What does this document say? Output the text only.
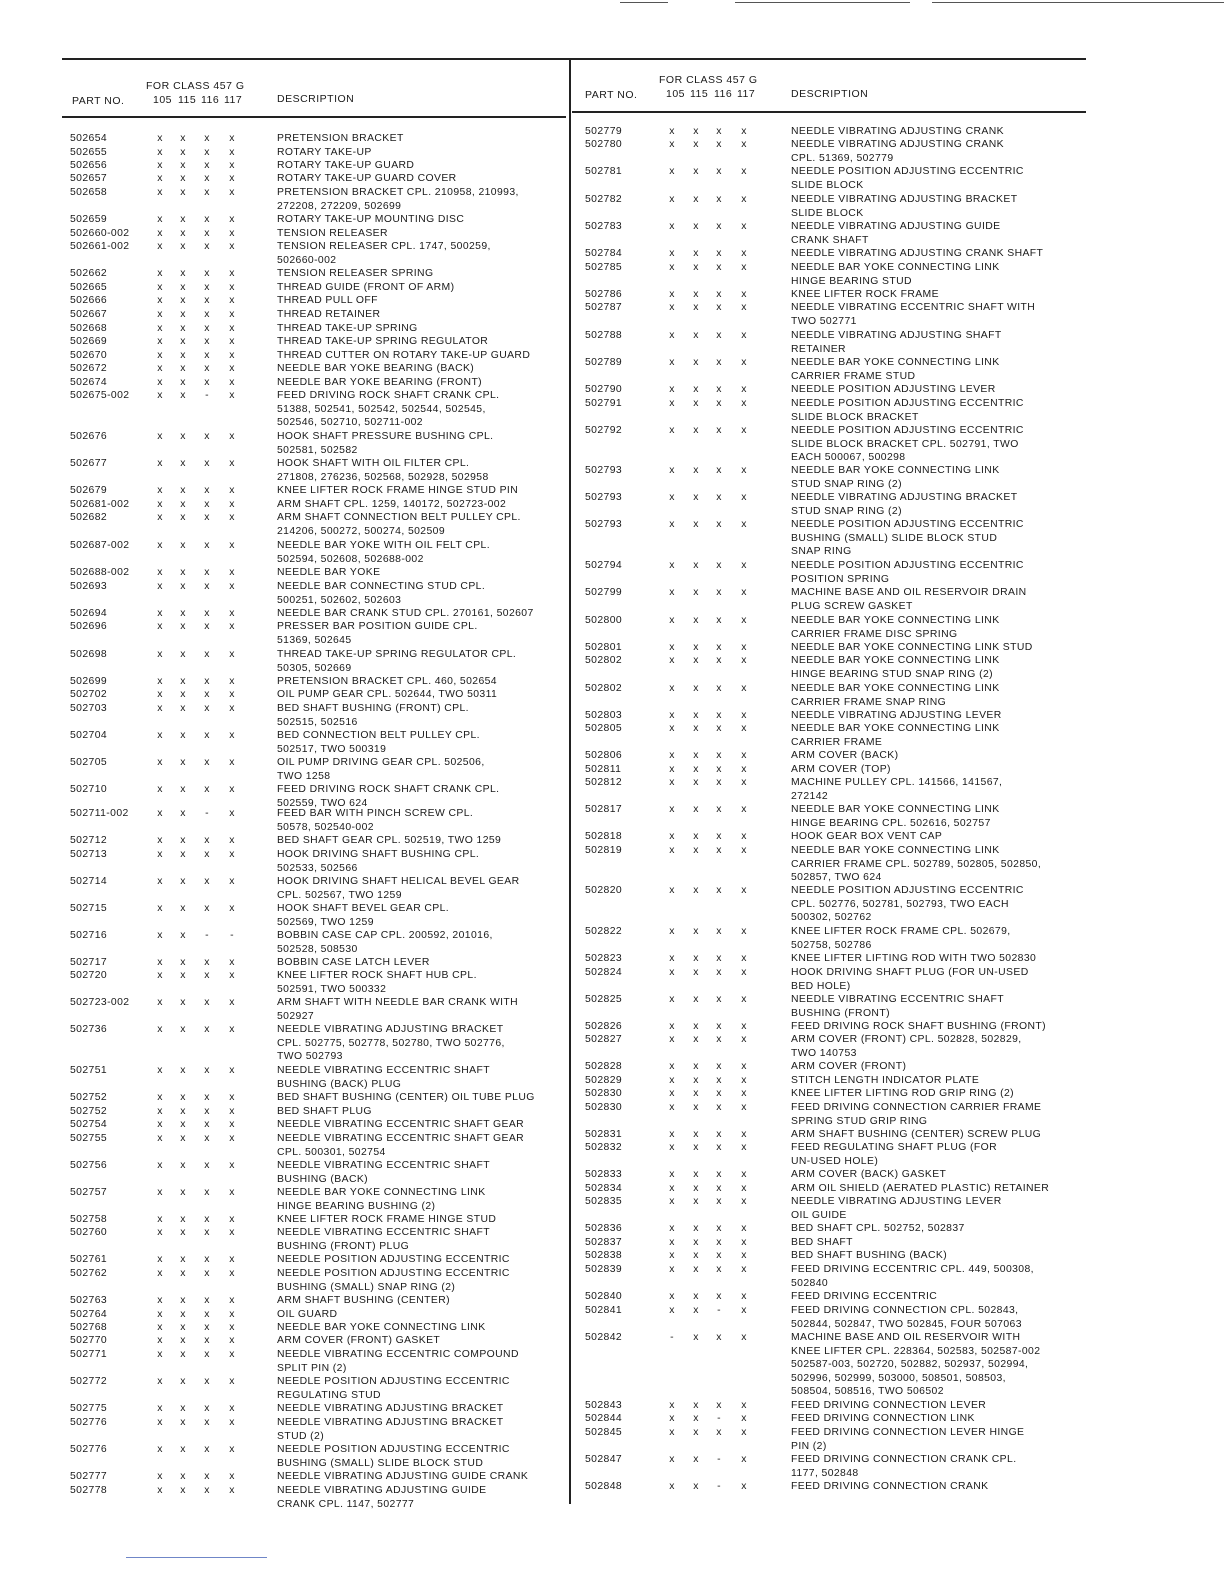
FOR CLASS 457 G
105 115 116 117
PART NO.	DESCRIPTION
502654	x x x x	PRETENSION BRACKET
502655	x x x x	ROTARY TAKE-UP
502656	x x x x	ROTARY TAKE-UP GUARD
502657	x x x x	ROTARY TAKE-UP GUARD COVER
502658	x x x x	PRETENSION BRACKET CPL. 210958, 210993,
272208, 272209, 502699
502659	x x x x	ROTARY TAKE-UP MOUNTING DISC
502660-002	x x x x	TENSION RELEASER
502661-002	x x x x	TENSION RELEASER CPL. 1747, 500259,
502660-002
502662	x x x x	TENSION RELEASER SPRING
502665	x x x x	THREAD GUIDE (FRONT OF ARM)
502666	x x x x	THREAD PULL OFF
502667	x x x x	THREAD RETAINER
502668	x x x x	THREAD TAKE-UP SPRING
502669	x x x x	THREAD TAKE-UP SPRING REGULATOR
502670	x x x x	THREAD CUTTER ON ROTARY TAKE-UP GUARD
502672	x x x x	NEEDLE BAR YOKE BEARING (BACK)
502674	x x x x	NEEDLE BAR YOKE BEARING (FRONT)
502675-002	x x - x	FEED DRIVING ROCK SHAFT CRANK CPL.
51388, 502541, 502542, 502544, 502545,
502546, 502710, 502711-002
502676	x x x x	HOOK SHAFT PRESSURE BUSHING CPL.
502581, 502582
502677	x x x x	HOOK SHAFT WITH OIL FILTER CPL.
271808, 276236, 502568, 502928, 502958
502679	x x x x	KNEE LIFTER ROCK FRAME HINGE STUD PIN
502681-002	x x x x	ARM SHAFT CPL. 1259, 140172, 502723-002
502682	x x x x	ARM SHAFT CONNECTION BELT PULLEY CPL.
214206, 500272, 500274, 502509
502687-002	x x x x	NEEDLE BAR YOKE WITH OIL FELT CPL.
502594, 502608, 502688-002
502688-002	x x x x	NEEDLE BAR YOKE
502693	x x x x	NEEDLE BAR CONNECTING STUD CPL.
500251, 502602, 502603
502694	x x x x	NEEDLE BAR CRANK STUD CPL. 270161, 502607
502696	x x x x	PRESSER BAR POSITION GUIDE CPL.
51369, 502645
502698	x x x x	THREAD TAKE-UP SPRING REGULATOR CPL.
50305, 502669
502699	x x x x	PRETENSION BRACKET CPL. 460, 502654
502702	x x x x	OIL PUMP GEAR CPL. 502644, TWO 50311
502703	x x x x	BED SHAFT BUSHING (FRONT) CPL.
502515, 502516
502704	x x x x	BED CONNECTION BELT PULLEY CPL.
502517, TWO 500319
502705	x x x x	OIL PUMP DRIVING GEAR CPL. 502506,
TWO 1258
502710	x x x x	FEED DRIVING ROCK SHAFT CRANK CPL.
502559, TWO 624
502711-002	x x - x	FEED BAR WITH PINCH SCREW CPL.
50578, 502540-002
502712	x x x x	BED SHAFT GEAR CPL. 502519, TWO 1259
502713	x x x x	HOOK DRIVING SHAFT BUSHING CPL.
502533, 502566
502714	x x x x	HOOK DRIVING SHAFT HELICAL BEVEL GEAR
CPL. 502567, TWO 1259
502715	x x x x	HOOK SHAFT BEVEL GEAR CPL.
502569, TWO 1259
502716	x x - -	BOBBIN CASE CAP CPL. 200592, 201016,
502528, 508530
502717	x x x x	BOBBIN CASE LATCH LEVER
502720	x x x x	KNEE LIFTER ROCK SHAFT HUB CPL.
502591, TWO 500332
502723-002	x x x x	ARM SHAFT WITH NEEDLE BAR CRANK WITH
502927
502736	x x x x	NEEDLE VIBRATING ADJUSTING BRACKET
CPL. 502775, 502778, 502780, TWO 502776,
TWO 502793
502751	x x x x	NEEDLE VIBRATING ECCENTRIC SHAFT
BUSHING (BACK) PLUG
502752	x x x x	BED SHAFT BUSHING (CENTER) OIL TUBE PLUG
502752	x x x x	BED SHAFT PLUG
502754	x x x x	NEEDLE VIBRATING ECCENTRIC SHAFT GEAR
502755	x x x x	NEEDLE VIBRATING ECCENTRIC SHAFT GEAR
CPL. 500301, 502754
502756	x x x x	NEEDLE VIBRATING ECCENTRIC SHAFT
BUSHING (BACK)
502757	x x x x	NEEDLE BAR YOKE CONNECTING LINK
HINGE BEARING BUSHING (2)
502758	x x x x	KNEE LIFTER ROCK FRAME HINGE STUD
502760	x x x x	NEEDLE VIBRATING ECCENTRIC SHAFT
BUSHING (FRONT) PLUG
502761	x x x x	NEEDLE POSITION ADJUSTING ECCENTRIC
502762	x x x x	NEEDLE POSITION ADJUSTING ECCENTRIC
BUSHING (SMALL) SNAP RING (2)
502763	x x x x	ARM SHAFT BUSHING (CENTER)
502764	x x x x	OIL GUARD
502768	x x x x	NEEDLE BAR YOKE CONNECTING LINK
502770	x x x x	ARM COVER (FRONT) GASKET
502771	x x x x	NEEDLE VIBRATING ECCENTRIC COMPOUND
SPLIT PIN (2)
502772	x x x x	NEEDLE POSITION ADJUSTING ECCENTRIC
REGULATING STUD
502775	x x x x	NEEDLE VIBRATING ADJUSTING BRACKET
502776	x x x x	NEEDLE VIBRATING ADJUSTING BRACKET
STUD (2)
502776	x x x x	NEEDLE POSITION ADJUSTING ECCENTRIC
BUSHING (SMALL) SLIDE BLOCK STUD
502777	x x x x	NEEDLE VIBRATING ADJUSTING GUIDE CRANK
502778	x x x x	NEEDLE VIBRATING ADJUSTING GUIDE
CRANK CPL. 1147, 502777
FOR CLASS 457 G
105 115 116 117
PART NO.	DESCRIPTION
502779	x x x x	NEEDLE VIBRATING ADJUSTING CRANK
502780	x x x x	NEEDLE VIBRATING ADJUSTING CRANK
CPL. 51369, 502779
502781	x x x x	NEEDLE POSITION ADJUSTING ECCENTRIC
SLIDE BLOCK
502782	x x x x	NEEDLE VIBRATING ADJUSTING BRACKET
SLIDE BLOCK
502783	x x x x	NEEDLE VIBRATING ADJUSTING GUIDE
CRANK SHAFT
502784	x x x x	NEEDLE VIBRATING ADJUSTING CRANK SHAFT
502785	x x x x	NEEDLE BAR YOKE CONNECTING LINK
HINGE BEARING STUD
502786	x x x x	KNEE LIFTER ROCK FRAME
502787	x x x x	NEEDLE VIBRATING ECCENTRIC SHAFT WITH
TWO 502771
502788	x x x x	NEEDLE VIBRATING ADJUSTING SHAFT
RETAINER
502789	x x x x	NEEDLE BAR YOKE CONNECTING LINK
CARRIER FRAME STUD
502790	x x x x	NEEDLE POSITION ADJUSTING LEVER
502791	x x x x	NEEDLE POSITION ADJUSTING ECCENTRIC
SLIDE BLOCK BRACKET
502792	x x x x	NEEDLE POSITION ADJUSTING ECCENTRIC
SLIDE BLOCK BRACKET CPL. 502791, TWO
EACH 500067, 500298
502793	x x x x	NEEDLE BAR YOKE CONNECTING LINK
STUD SNAP RING (2)
502793	x x x x	NEEDLE VIBRATING ADJUSTING BRACKET
STUD SNAP RING (2)
502793	x x x x	NEEDLE POSITION ADJUSTING ECCENTRIC
BUSHING (SMALL) SLIDE BLOCK STUD
SNAP RING
502794	x x x x	NEEDLE POSITION ADJUSTING ECCENTRIC
POSITION SPRING
502799	x x x x	MACHINE BASE AND OIL RESERVOIR DRAIN
PLUG SCREW GASKET
502800	x x x x	NEEDLE BAR YOKE CONNECTING LINK
CARRIER FRAME DISC SPRING
502801	x x x x	NEEDLE BAR YOKE CONNECTING LINK STUD
502802	x x x x	NEEDLE BAR YOKE CONNECTING LINK
HINGE BEARING STUD SNAP RING (2)
502802	x x x x	NEEDLE BAR YOKE CONNECTING LINK
CARRIER FRAME SNAP RING
502803	x x x x	NEEDLE VIBRATING ADJUSTING LEVER
502805	x x x x	NEEDLE BAR YOKE CONNECTING LINK
CARRIER FRAME
502806	x x x x	ARM COVER (BACK)
502811	x x x x	ARM COVER (TOP)
502812	x x x x	MACHINE PULLEY CPL. 141566, 141567,
272142
502817	x x x x	NEEDLE BAR YOKE CONNECTING LINK
HINGE BEARING CPL. 502616, 502757
502818	x x x x	HOOK GEAR BOX VENT CAP
502819	x x x x	NEEDLE BAR YOKE CONNECTING LINK
CARRIER FRAME CPL. 502789, 502805, 502850,
502857, TWO 624
502820	x x x x	NEEDLE POSITION ADJUSTING ECCENTRIC
CPL. 502776, 502781, 502793, TWO EACH
500302, 502762
502822	x x x x	KNEE LIFTER ROCK FRAME CPL. 502679,
502758, 502786
502823	x x x x	KNEE LIFTER LIFTING ROD WITH TWO 502830
502824	x x x x	HOOK DRIVING SHAFT PLUG (FOR UN-USED
BED HOLE)
502825	x x x x	NEEDLE VIBRATING ECCENTRIC SHAFT
BUSHING (FRONT)
502826	x x x x	FEED DRIVING ROCK SHAFT BUSHING (FRONT)
502827	x x x x	ARM COVER (FRONT) CPL. 502828, 502829,
TWO 140753
502828	x x x x	ARM COVER (FRONT)
502829	x x x x	STITCH LENGTH INDICATOR PLATE
502830	x x x x	KNEE LIFTER LIFTING ROD GRIP RING (2)
502830	x x x x	FEED DRIVING CONNECTION CARRIER FRAME
SPRING STUD GRIP RING
502831	x x x x	ARM SHAFT BUSHING (CENTER) SCREW PLUG
502832	x x x x	FEED REGULATING SHAFT PLUG (FOR
UN-USED HOLE)
502833	x x x x	ARM COVER (BACK) GASKET
502834	x x x x	ARM OIL SHIELD (AERATED PLASTIC) RETAINER
502835	x x x x	NEEDLE VIBRATING ADJUSTING LEVER
OIL GUIDE
502836	x x x x	BED SHAFT CPL. 502752, 502837
502837	x x x x	BED SHAFT
502838	x x x x	BED SHAFT BUSHING (BACK)
502839	x x x x	FEED DRIVING ECCENTRIC CPL. 449, 500308,
502840
502840	x x x x	FEED DRIVING ECCENTRIC
502841	x x - x	FEED DRIVING CONNECTION CPL. 502843,
502844, 502847, TWO 502845, FOUR 507063
502842	- x x x	MACHINE BASE AND OIL RESERVOIR WITH
KNEE LIFTER CPL. 228364, 502583, 502587-002
502587-003, 502720, 502882, 502937, 502994,
502996, 502999, 503000, 508501, 508503,
508504, 508516, TWO 506502
502843	x x x x	FEED DRIVING CONNECTION LEVER
502844	x x - x	FEED DRIVING CONNECTION LINK
502845	x x x x	FEED DRIVING CONNECTION LEVER HINGE
PIN (2)
502847	x x - x	FEED DRIVING CONNECTION CRANK CPL.
1177, 502848
502848	x x - x	FEED DRIVING CONNECTION CRANK
